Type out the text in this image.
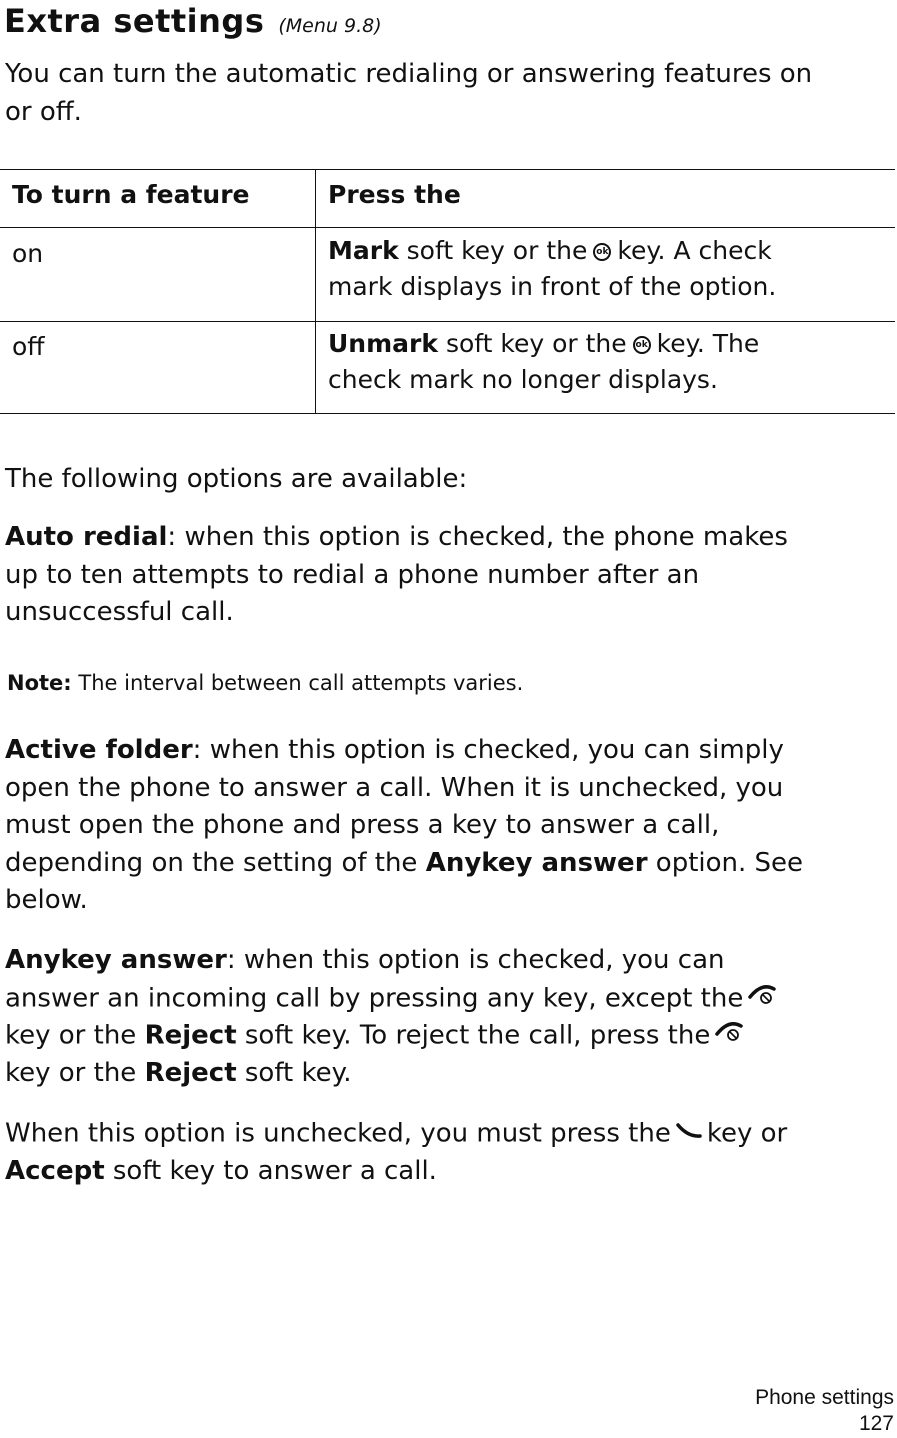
Extra settings (Menu 9.8)

You can turn the automatic redialing or answering features on
or off.

To turn a feature	Press the
on	Mark soft key or the ok key. A check
mark displays in front of the option.
off	Unmark soft key or the ok key. The
check mark no longer displays.

The following options are available:

Auto redial: when this option is checked, the phone makes
up to ten attempts to redial a phone number after an
unsuccessful call.

Note: The interval between call attempts varies.

Active folder: when this option is checked, you can simply
open the phone to answer a call. When it is unchecked, you
must open the phone and press a key to answer a call,
depending on the setting of the Anykey answer option. See
below.

Anykey answer: when this option is checked, you can
answer an incoming call by pressing any key, except the
key or the Reject soft key. To reject the call, press the
key or the Reject soft key.

When this option is unchecked, you must press the key or
Accept soft key to answer a call.

Phone settings
127
